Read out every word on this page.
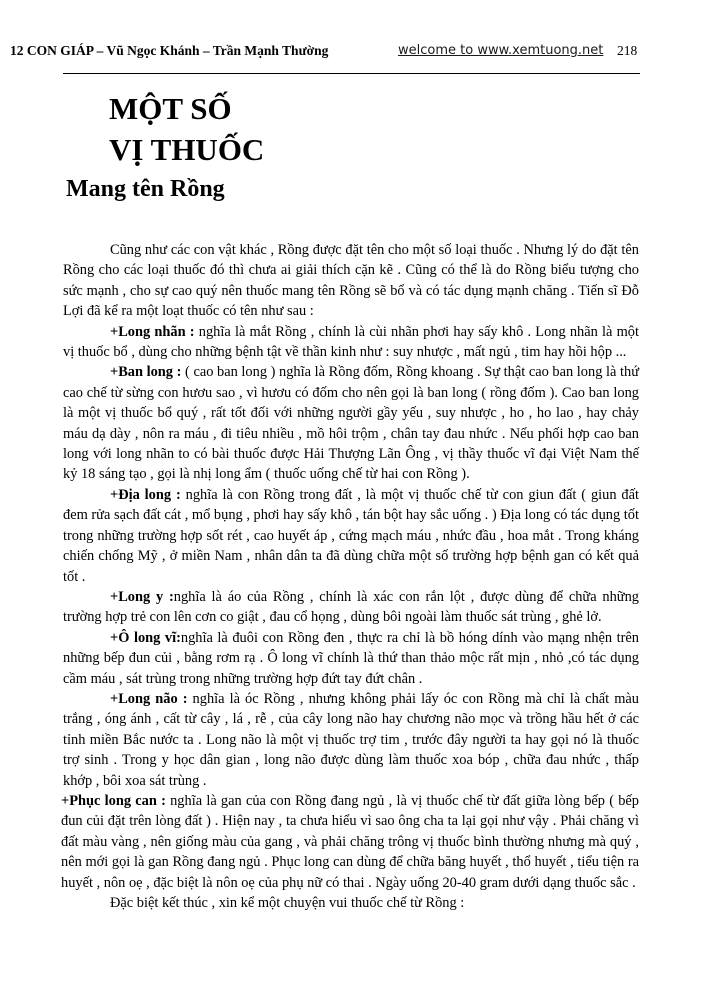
12 CON GIÁP – Vũ Ngọc Khánh – Trần Mạnh Thường	welcome to www.xemtuong.net 218
MỘT SỐ
VỊ THUỐC
Mang tên Rồng

Cũng như các con vật khác , Rồng được đặt tên cho một số loại thuốc . Nhưng lý do đặt tên Rồng cho các loại thuốc đó thì chưa ai giải thích cặn kẽ . Cũng có thể là do Rồng biểu tượng cho sức mạnh , cho sự cao quý nên thuốc mang tên Rồng sẽ bổ và có tác dụng mạnh chăng . Tiến sĩ Đỗ Lợi đã kể ra một loạt thuốc có tên như sau :

+Long nhãn : nghĩa là mắt Rồng , chính là cùi nhãn phơi hay sấy khô . Long nhãn là một vị thuốc bổ , dùng cho những bệnh tật về thần kinh như : suy nhược , mất ngủ , tim hay hồi hộp ...

+Ban long : ( cao ban long ) nghĩa là Rồng đốm, Rồng khoang . Sự thật cao ban long là thứ cao chế từ sừng con hươu sao , vì hươu có đốm cho nên gọi là ban long ( rồng đốm ). Cao ban long là một vị thuốc bổ quý , rất tốt đối với những người gầy yếu , suy nhược , ho , ho lao , hay chảy máu dạ dày , nôn ra máu , đi tiêu nhiều , mồ hôi trộm , chân tay đau nhức . Nếu phối hợp cao ban long với long nhãn to có bài thuốc được Hải Thượng Lãn Ông , vị thầy thuốc vĩ đại Việt Nam thế kỷ 18 sáng tạo , gọi là nhị long ẩm ( thuốc uống chế từ hai con Rồng ).

+Địa long : nghĩa là con Rồng trong đất , là một vị thuốc chế từ con giun đất ( giun đất đem rửa sạch đất cát , mổ bụng , phơi hay sấy khô , tán bột hay sắc uống . ) Địa long có tác dụng tốt trong những trường hợp sốt rét , cao huyết áp , cứng mạch máu , nhức đầu , hoa mắt . Trong kháng chiến chống Mỹ , ở miền Nam , nhân dân ta đã dùng chữa một số trường hợp bệnh gan có kết quả tốt .

+Long y :nghĩa là áo của Rồng , chính là xác con rắn lột , được dùng để chữa những trường hợp trẻ con lên cơn co giật , đau cổ họng , dùng bôi ngoài làm thuốc sát trùng , ghẻ lở.

+Ô long vĩ:nghĩa là đuôi con Rồng đen , thực ra chỉ là bồ hóng dính vào mạng nhện trên những bếp đun củi , bằng rơm rạ . Ô long vĩ chính là thứ than thảo mộc rất mịn , nhỏ ,có tác dụng cầm máu , sát trùng trong những trường hợp đứt tay đứt chân .

+Long não : nghĩa là óc Rồng , nhưng không phải lấy óc con Rồng mà chỉ là chất màu trắng , óng ánh , cất từ cây , lá , rễ , của cây long não hay chương não mọc và trồng hầu hết ở các tỉnh miền Bắc nước ta . Long não là một vị thuốc trợ tim , trước đây người ta hay gọi nó là thuốc trợ sinh . Trong y học dân gian , long não được dùng làm thuốc xoa bóp , chữa đau nhức , thấp khớp , bôi xoa sát trùng .

+Phục long can : nghĩa là gan của con Rồng đang ngủ , là vị thuốc chế từ đất giữa lòng bếp ( bếp đun củi đặt trên lòng đất ) . Hiện nay , ta chưa hiểu vì sao ông cha ta lại gọi như vậy . Phải chăng vì đất màu vàng , nên giống màu của gang , và phải chăng trông vị thuốc bình thường nhưng mà quý , nên mới gọi là gan Rồng đang ngủ . Phục long can dùng để chữa băng huyết , thổ huyết , tiểu tiện ra huyết , nôn oẹ , đặc biệt là nôn oẹ của phụ nữ có thai . Ngày uống 20-40 gram dưới dạng thuốc sắc .

Đặc biệt kết thúc , xin kể một chuyện vui thuốc chế từ Rồng :
